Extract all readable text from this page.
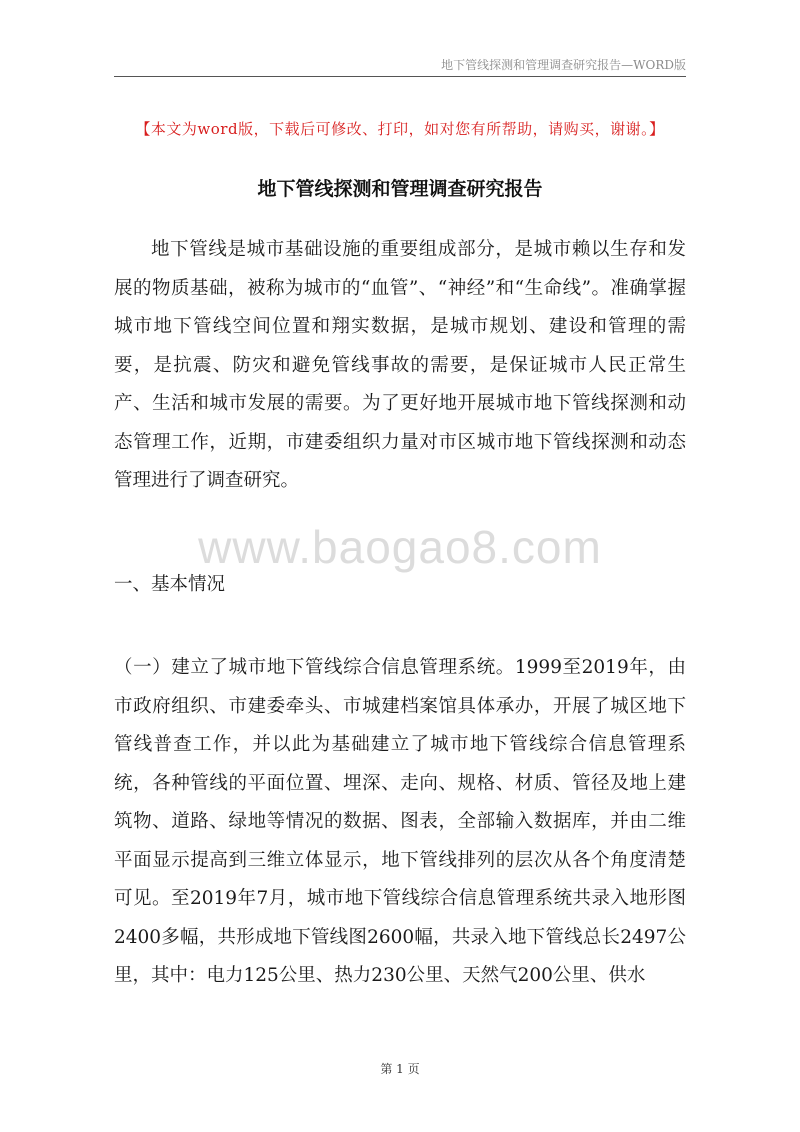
地下管线探测和管理调查研究报告—WORD版
【本文为word版，下载后可修改、打印，如对您有所帮助，请购买，谢谢。】
地下管线探测和管理调查研究报告
地下管线是城市基础设施的重要组成部分，是城市赖以生存和发展的物质基础，被称为城市的“血管”、“神经”和“生命线”。准确掌握城市地下管线空间位置和翔实数据，是城市规划、建设和管理的需要，是抗震、防灾和避免管线事故的需要，是保证城市人民正常生产、生活和城市发展的需要。为了更好地开展城市地下管线探测和动态管理工作，近期，市建委组织力量对市区城市地下管线探测和动态管理进行了调查研究。
www.baogao8.com
一、基本情况
（一）建立了城市地下管线综合信息管理系统。1999至2019年，由市政府组织、市建委牵头、市城建档案馆具体承办，开展了城区地下管线普查工作，并以此为基础建立了城市地下管线综合信息管理系统，各种管线的平面位置、埋深、走向、规格、材质、管径及地上建筑物、道路、绿地等情况的数据、图表，全部输入数据库，并由二维平面显示提高到三维立体显示，地下管线排列的层次从各个角度清楚可见。至2019年7月，城市地下管线综合信息管理系统共录入地形图2400多幅，共形成地下管线图2600幅，共录入地下管线总长2497公里，其中：电力125公里、热力230公里、天然气200公里、供水
第 1 页
